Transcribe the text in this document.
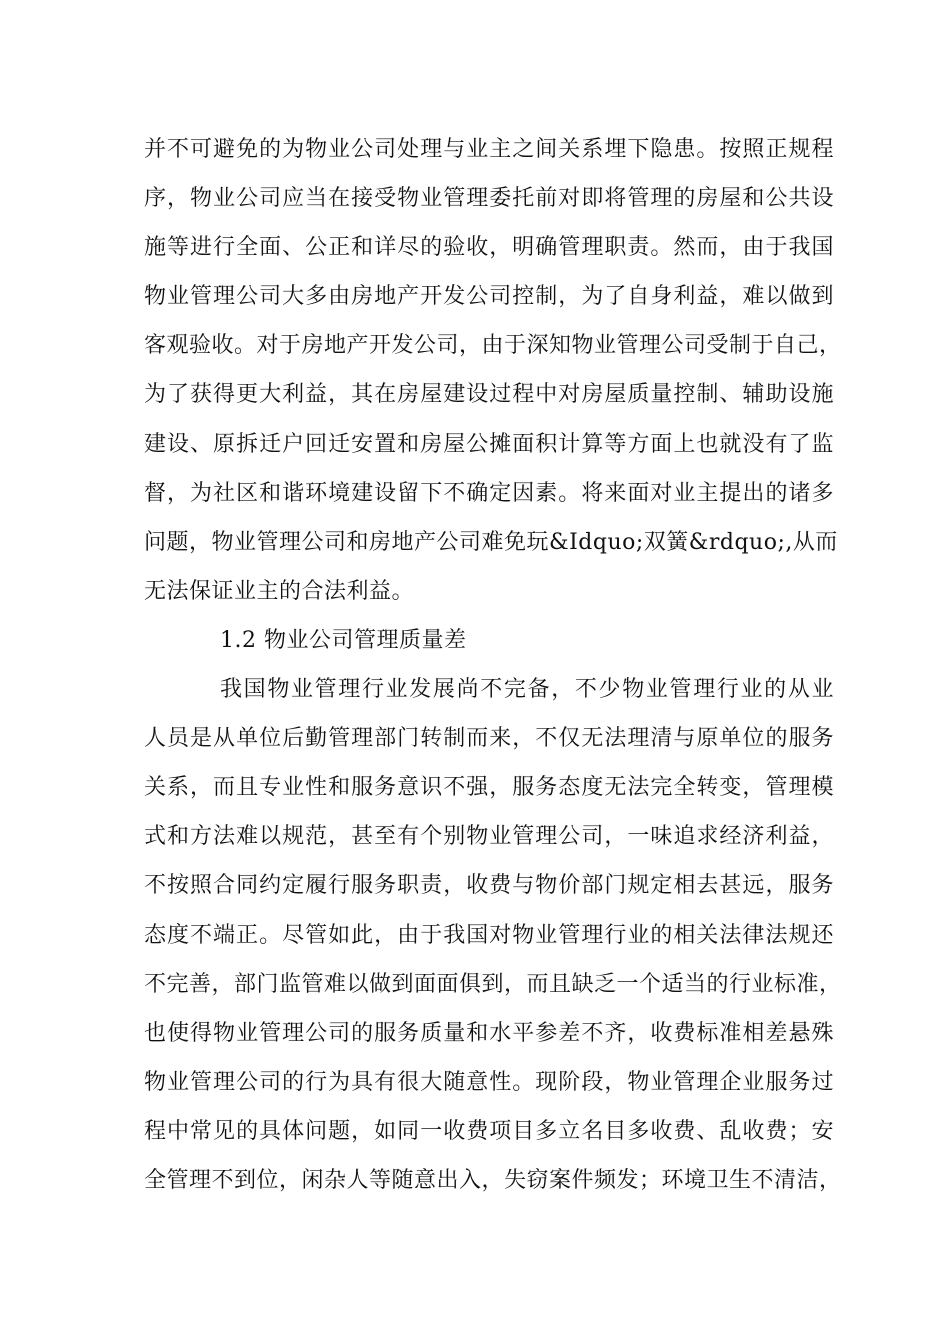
并不可避免的为物业公司处理与业主之间关系埋下隐患。按照正规程
序，物业公司应当在接受物业管理委托前对即将管理的房屋和公共设
施等进行全面、公正和详尽的验收，明确管理职责。然而，由于我国
物业管理公司大多由房地产开发公司控制，为了自身利益，难以做到
客观验收。对于房地产开发公司，由于深知物业管理公司受制于自己，
为了获得更大利益，其在房屋建设过程中对房屋质量控制、辅助设施
建设、原拆迁户回迁安置和房屋公摊面积计算等方面上也就没有了监
督，为社区和谐环境建设留下不确定因素。将来面对业主提出的诸多
问题，物业管理公司和房地产公司难免玩&Idquo;双簧&rdquo;,从而
无法保证业主的合法利益。
1.2 物业公司管理质量差
我国物业管理行业发展尚不完备，不少物业管理行业的从业
人员是从单位后勤管理部门转制而来，不仅无法理清与原单位的服务
关系，而且专业性和服务意识不强，服务态度无法完全转变，管理模
式和方法难以规范，甚至有个别物业管理公司，一味追求经济利益，
不按照合同约定履行服务职责，收费与物价部门规定相去甚远，服务
态度不端正。尽管如此，由于我国对物业管理行业的相关法律法规还
不完善，部门监管难以做到面面俱到，而且缺乏一个适当的行业标准，
也使得物业管理公司的服务质量和水平参差不齐，收费标准相差悬殊
物业管理公司的行为具有很大随意性。现阶段，物业管理企业服务过
程中常见的具体问题，如同一收费项目多立名目多收费、乱收费；安
全管理不到位，闲杂人等随意出入，失窃案件频发；环境卫生不清洁，
